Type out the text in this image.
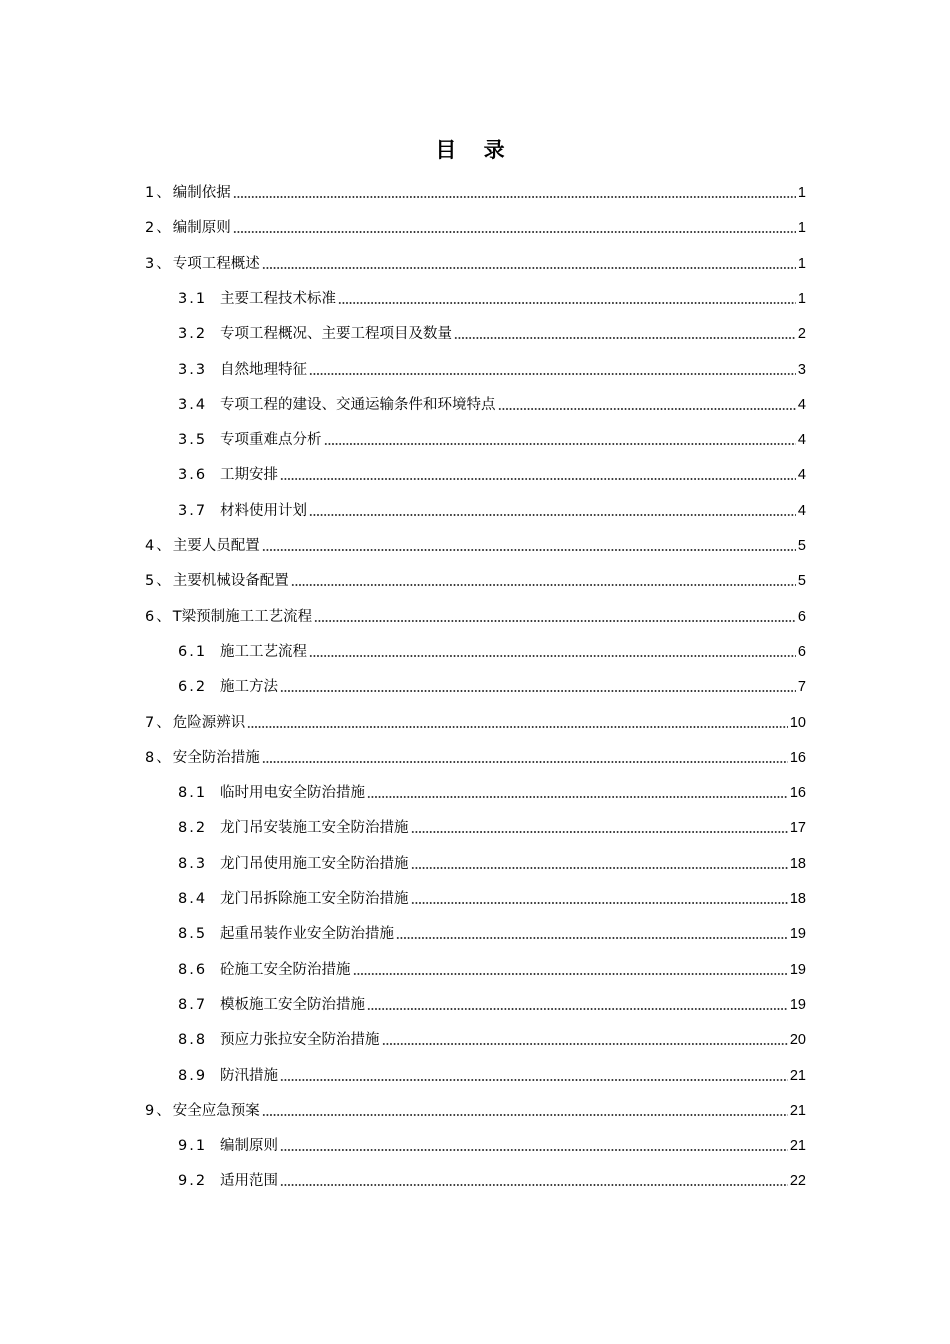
目 录
1、 编制依据	1
2、 编制原则	1
3、 专项工程概述	1
3.1 主要工程技术标准	1
3.2 专项工程概况、主要工程项目及数量	2
3.3 自然地理特征	3
3.4 专项工程的建设、交通运输条件和环境特点	4
3.5 专项重难点分析	4
3.6 工期安排	4
3.7 材料使用计划	4
4、 主要人员配置	5
5、 主要机械设备配置	5
6、 T梁预制施工工艺流程	6
6.1 施工工艺流程	6
6.2 施工方法	7
7、 危险源辨识	10
8、 安全防治措施	16
8.1 临时用电安全防治措施	16
8.2 龙门吊安装施工安全防治措施	17
8.3 龙门吊使用施工安全防治措施	18
8.4 龙门吊拆除施工安全防治措施	18
8.5 起重吊装作业安全防治措施	19
8.6 砼施工安全防治措施	19
8.7 模板施工安全防治措施	19
8.8 预应力张拉安全防治措施	20
8.9 防汛措施	21
9、 安全应急预案	21
9.1 编制原则	21
9.2 适用范围	22
